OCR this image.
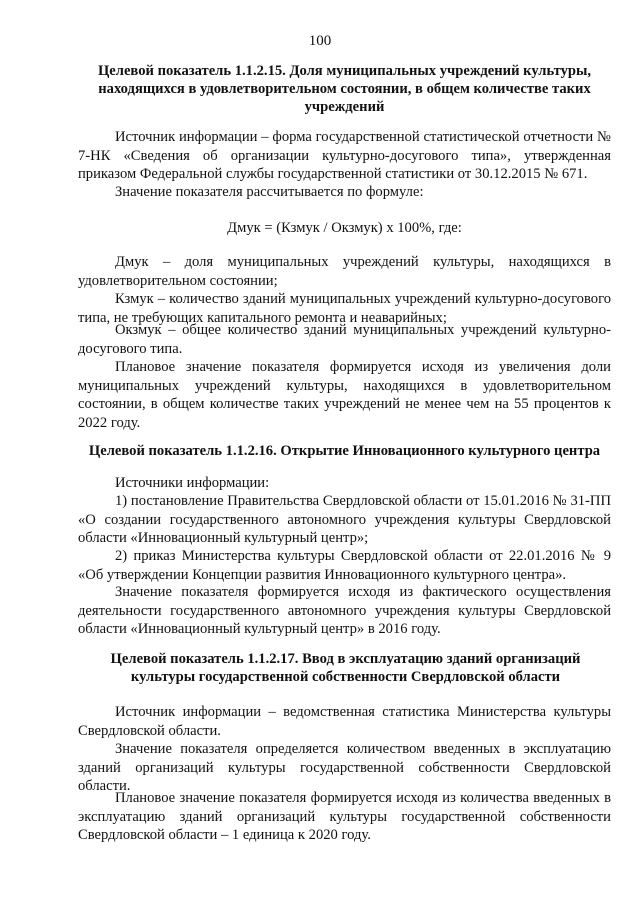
100
Целевой показатель 1.1.2.15. Доля муниципальных учреждений культуры, находящихся в удовлетворительном состоянии, в общем количестве таких учреждений
Источник информации – форма государственной статистической отчетности № 7-НК «Сведения об организации культурно-досугового типа», утвержденная приказом Федеральной службы государственной статистики от 30.12.2015 № 671.
Значение показателя рассчитывается по формуле:
Дмук = (Кзмук / Окзмук) х 100%, где:
Дмук – доля муниципальных учреждений культуры, находящихся в удовлетворительном состоянии;
Кзмук – количество зданий муниципальных учреждений культурно-досугового типа, не требующих капитального ремонта и неаварийных;
Окзмук – общее количество зданий муниципальных учреждений культурно-досугового типа.
Плановое значение показателя формируется исходя из увеличения доли муниципальных учреждений культуры, находящихся в удовлетворительном состоянии, в общем количестве таких учреждений не менее чем на 55 процентов к 2022 году.
Целевой показатель 1.1.2.16. Открытие Инновационного культурного центра
Источники информации:
1) постановление Правительства Свердловской области от 15.01.2016 № 31-ПП «О создании государственного автономного учреждения культуры Свердловской области «Инновационный культурный центр»;
2) приказ Министерства культуры Свердловской области от 22.01.2016 № 9 «Об утверждении Концепции развития Инновационного культурного центра».
Значение показателя формируется исходя из фактического осуществления деятельности государственного автономного учреждения культуры Свердловской области «Инновационный культурный центр» в 2016 году.
Целевой показатель 1.1.2.17. Ввод в эксплуатацию зданий организаций культуры государственной собственности Свердловской области
Источник информации – ведомственная статистика Министерства культуры Свердловской области.
Значение показателя определяется количеством введенных в эксплуатацию зданий организаций культуры государственной собственности Свердловской области.
Плановое значение показателя формируется исходя из количества введенных в эксплуатацию зданий организаций культуры государственной собственности Свердловской области – 1 единица к 2020 году.
